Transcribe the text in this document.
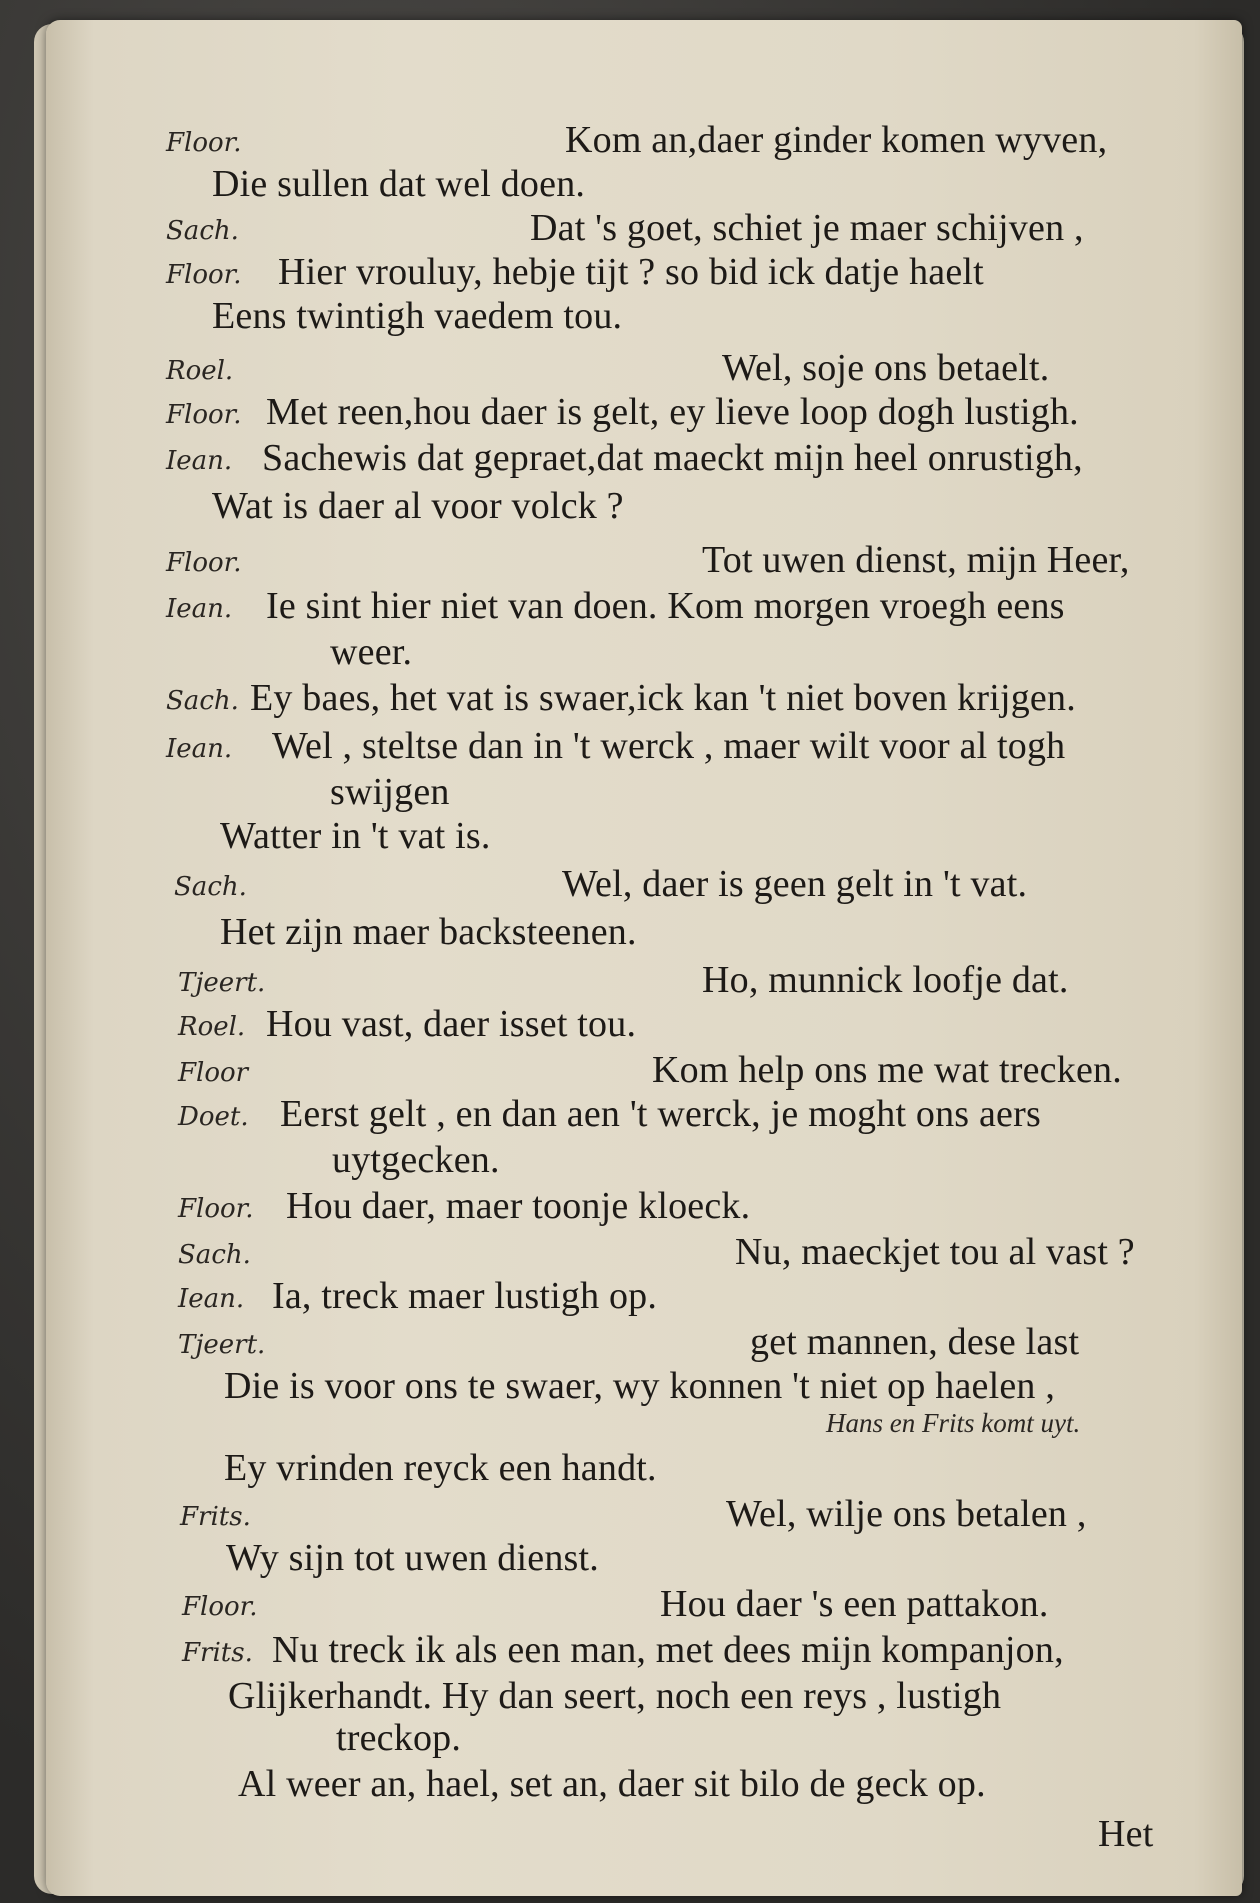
Floor.	Kom an,daer ginder komen wyven,
Die sullen dat wel doen.
Sach.	Dat 's goet, schiet je maer schijven ,
Floor. Hier vrouluy, hebje tijt ? so bid ick datje haelt
Eens twintigh vaedem tou.
Roel.	Wel, soje ons betaelt.
Floor. Met reen,hou daer is gelt, ey lieve loop dogh lustigh.
Iean. Sachewis dat gepraet,dat maeckt mijn heel onrustigh,
Wat is daer al voor volck ?
Floor.	Tot uwen dienst, mijn Heer,
Iean. Ie sint hier niet van doen. Kom morgen vroegh eens
weer.
Sach. Ey baes, het vat is swaer,ick kan 't niet boven krijgen.
Iean. Wel , steltse dan in 't werck , maer wilt voor al togh
swijgen
Watter in 't vat is.
Sach.	Wel, daer is geen gelt in 't vat.
Het zijn maer backsteenen.
Tjeert.	Ho, munnick loofje dat.
Roel. Hou vast, daer isset tou.
Floor	Kom help ons me wat trecken.
Doet. Eerst gelt , en dan aen 't werck, je moght ons aers
uytgecken.
Floor. Hou daer, maer toonje kloeck.
Sach.	Nu, maeckjet tou al vast ?
Iean. Ia, treck maer lustigh op.
Tjeert.	get mannen, dese last
Die is voor ons te swaer, wy konnen 't niet op haelen ,
Hans en Frits komt uyt.
Ey vrinden reyck een handt.
Frits.	Wel, wilje ons betalen ,
Wy sijn tot uwen dienst.
Floor.	Hou daer 's een pattakon.
Frits. Nu treck ik als een man, met dees mijn kompanjon,
Glijkerhandt. Hy dan seert, noch een reys , lustigh
treckop.
Al weer an, hael, set an, daer sit bilo de geck op.
Het
